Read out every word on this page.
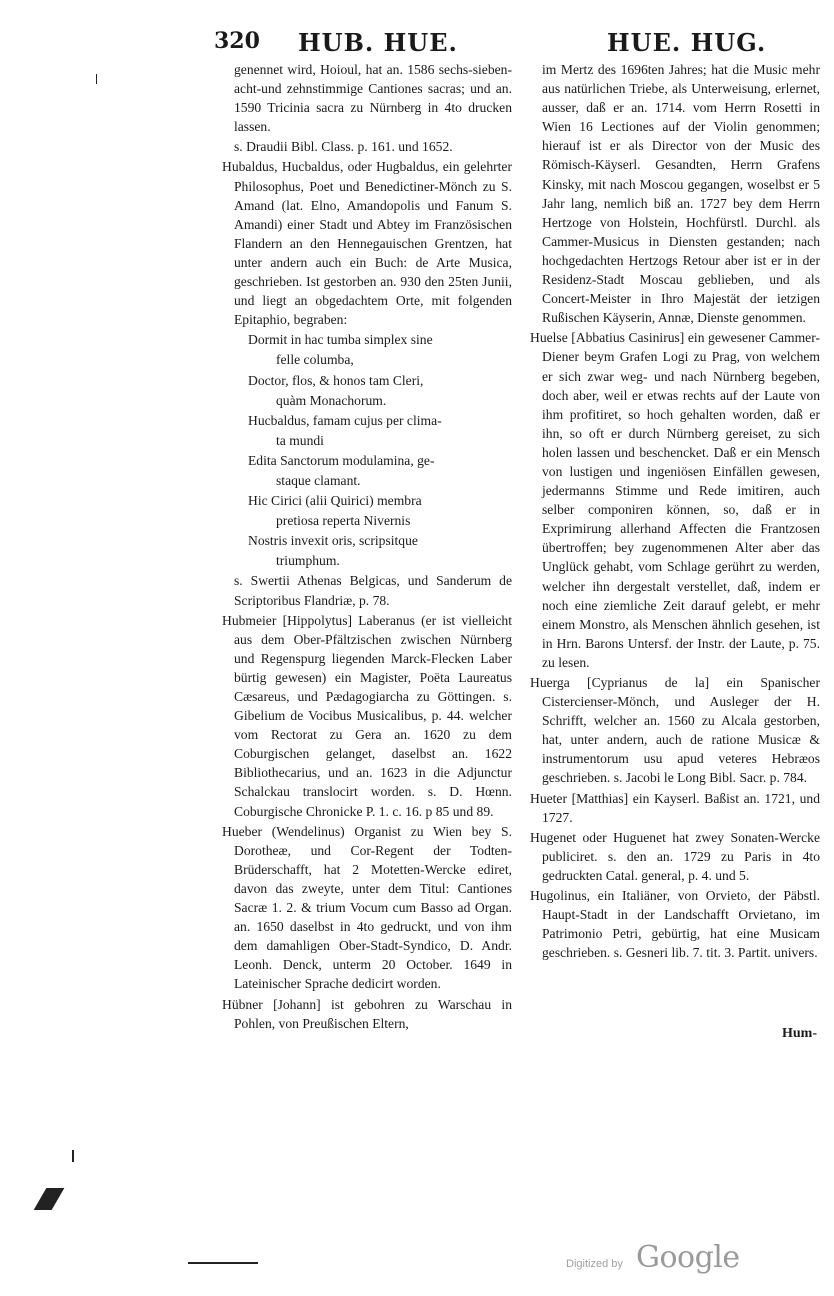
320 HUB. HUE.	HUE. HUG.

genennet wird, Hoioul, hat an. 1586 sechs-sieben-acht-und zehnstimmige Cantiones sacras; und an. 1590 Tricinia sacra zu Nürnberg in 4to drucken lassen.

s. Draudii Bibl. Class. p. 161. und 1652.

Hubaldus, Hucbaldus, oder Hugbaldus, ein gelehrter Philosophus, Poet und Benedictiner-Mönch zu S. Amand (lat. Elno, Amandopolis und Fanum S. Amandi) einer Stadt und Abtey im Französischen Flandern an den Hennegauischen Grentzen, hat unter andern auch ein Buch: de Arte Musica, geschrieben. Ist gestorben an. 930 den 25ten Junii, und liegt an obgedachtem Orte, mit folgenden Epitaphio, begraben:

Dormit in hac tumba simplex sine

felle columba,

Doctor, flos, & honos tam Cleri,

quàm Monachorum.

Hucbaldus, famam cujus per clima-

ta mundi

Edita Sanctorum modulamina, ge-

staque clamant.

Hic Cirici (alii Quirici) membra

pretiosa reperta Nivernis

Nostris invexit oris, scripsitque

triumphum.

s. Swertii Athenas Belgicas, und Sanderum de Scriptoribus Flandriæ, p. 78.

Hubmeier [Hippolytus] Laberanus (er ist vielleicht aus dem Ober-Pfältzischen zwischen Nürnberg und Regenspurg liegenden Marck-Flecken Laber bürtig gewesen) ein Magister, Poëta Laureatus Cæsareus, und Pædagogiarcha zu Göttingen. s. Gibelium de Vocibus Musicalibus, p. 44. welcher vom Rectorat zu Gera an. 1620 zu dem Coburgischen gelanget, daselbst an. 1622 Bibliothecarius, und an. 1623 in die Adjunctur Schalckau translocirt worden. s. D. Hœnn. Coburgische Chronicke P. 1. c. 16. p 85 und 89.

Hueber (Wendelinus) Organist zu Wien bey S. Dorotheæ, und Cor-Regent der Todten-Brüderschafft, hat 2 Motetten-Wercke ediret, davon das zweyte, unter dem Titul: Cantiones Sacræ 1. 2. & trium Vocum cum Basso ad Organ. an. 1650 daselbst in 4to gedruckt, und von ihm dem damahligen Ober-Stadt-Syndico, D. Andr. Leonh. Denck, unterm 20 October. 1649 in Lateinischer Sprache dedicirt worden.

Hübner [Johann] ist gebohren zu Warschau in Pohlen, von Preußischen Eltern,

im Mertz des 1696ten Jahres; hat die Music mehr aus natürlichen Triebe, als Unterweisung, erlernet, ausser, daß er an. 1714. vom Herrn Rosetti in Wien 16 Lectiones auf der Violin genommen; hierauf ist er als Director von der Music des Römisch-Käyserl. Gesandten, Herrn Grafens Kinsky, mit nach Moscou gegangen, woselbst er 5 Jahr lang, nemlich biß an. 1727 bey dem Herrn Hertzoge von Holstein, Hochfürstl. Durchl. als Cammer-Musicus in Diensten gestanden; nach hochgedachten Hertzogs Retour aber ist er in der Residenz-Stadt Moscau geblieben, und als Concert-Meister in Ihro Majestät der ietzigen Rußischen Käyserin, Annæ, Dienste genommen.

Huelse [Abbatius Casinirus] ein gewesener Cammer-Diener beym Grafen Logi zu Prag, von welchem er sich zwar weg- und nach Nürnberg begeben, doch aber, weil er etwas rechts auf der Laute von ihm profitiret, so hoch gehalten worden, daß er ihn, so oft er durch Nürnberg gereiset, zu sich holen lassen und beschencket. Daß er ein Mensch von lustigen und ingeniösen Einfällen gewesen, jedermanns Stimme und Rede imitiren, auch selber componiren können, so, daß er in Exprimirung allerhand Affecten die Frantzosen übertroffen; bey zugenommenen Alter aber das Unglück gehabt, vom Schlage gerührt zu werden, welcher ihn dergestalt verstellet, daß, indem er noch eine ziemliche Zeit darauf gelebt, er mehr einem Monstro, als Menschen ähnlich gesehen, ist in Hrn. Barons Untersf. der Instr. der Laute, p. 75. zu lesen.

Huerga [Cyprianus de la] ein Spanischer Cistercienser-Mönch, und Ausleger der H. Schrifft, welcher an. 1560 zu Alcala gestorben, hat, unter andern, auch de ratione Musicæ & instrumentorum usu apud veteres Hebræos geschrieben. s. Jacobi le Long Bibl. Sacr. p. 784.

Hueter [Matthias] ein Kayserl. Baßist an. 1721, und 1727.

Hugenet oder Huguenet hat zwey Sonaten-Wercke publiciret. s. den an. 1729 zu Paris in 4to gedruckten Catal. general, p. 4. und 5.

Hugolinus, ein Italiäner, von Orvieto, der Päbstl. Haupt-Stadt in der Landschafft Orvietano, im Patrimonio Petri, gebürtig, hat eine Musicam geschrieben. s. Gesneri lib. 7. tit. 3. Partit. univers.

Hum-
Digitized by Google
